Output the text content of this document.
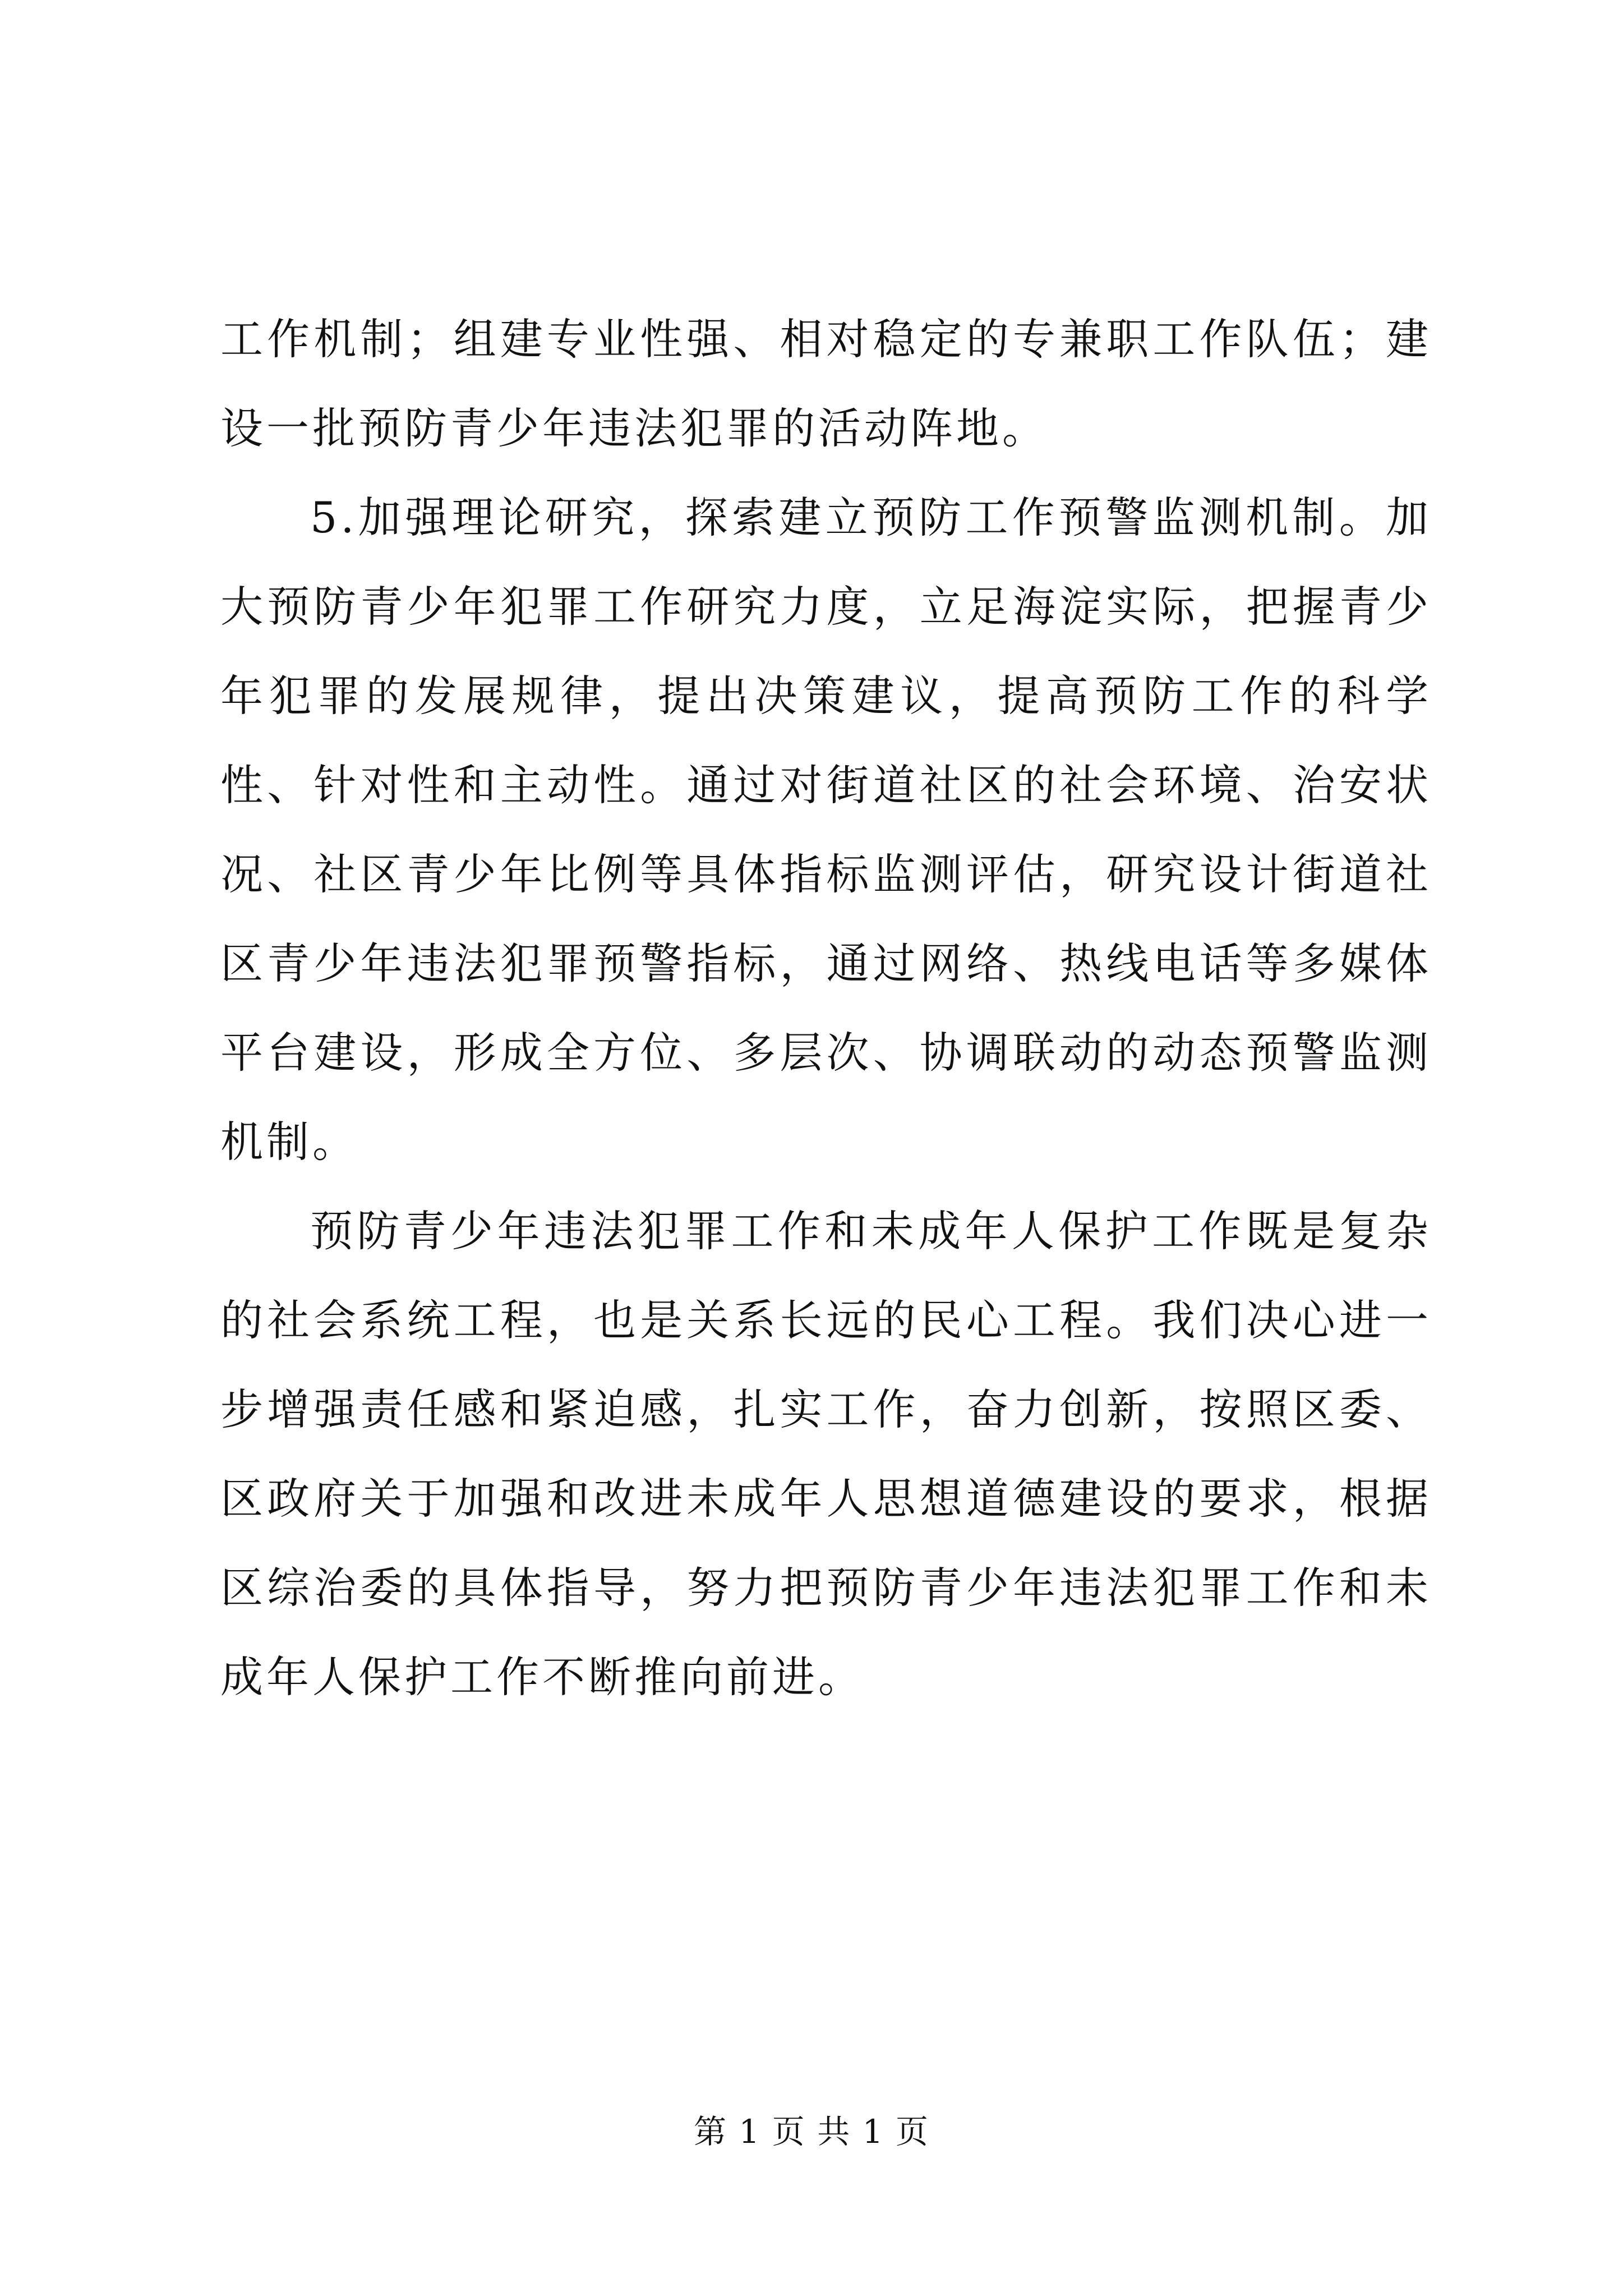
工作机制；组建专业性强、相对稳定的专兼职工作队伍；建设一批预防青少年违法犯罪的活动阵地。

5.加强理论研究，探索建立预防工作预警监测机制。加大预防青少年犯罪工作研究力度，立足海淀实际，把握青少年犯罪的发展规律，提出决策建议，提高预防工作的科学性、针对性和主动性。通过对街道社区的社会环境、治安状况、社区青少年比例等具体指标监测评估，研究设计街道社区青少年违法犯罪预警指标，通过网络、热线电话等多媒体平台建设，形成全方位、多层次、协调联动的动态预警监测机制。

预防青少年违法犯罪工作和未成年人保护工作既是复杂的社会系统工程，也是关系长远的民心工程。我们决心进一步增强责任感和紧迫感，扎实工作，奋力创新，按照区委、区政府关于加强和改进未成年人思想道德建设的要求，根据区综治委的具体指导，努力把预防青少年违法犯罪工作和未成年人保护工作不断推向前进。

第 1 页 共 1 页
